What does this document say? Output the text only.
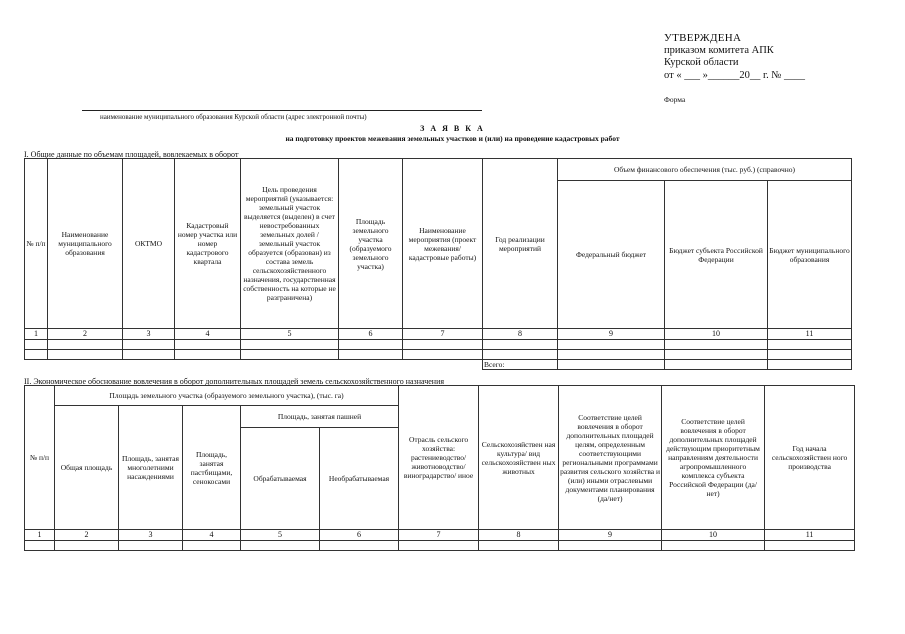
УТВЕРЖДЕНА
приказом комитета АПК
Курской области
от « ___ »______20__ г. № ____
Форма
наименование муниципального образования Курской области (адрес электронной почты)
З А Я В К А
на подготовку проектов межевания земельных участков и (или) на проведение кадастровых работ
I. Общие данные по объемам площадей, вовлекаемых в оборот
№ п/п	Наименование муниципального образования	ОКТМО	Кадастровый номер участка или номер кадастрового квартала	Цель проведения мероприятий (указывается: земельный участок выделяется (выделен) в счет невостребованных земельных долей / земельный участок образуется (образован) из состава земель сельскохозяйственного назначения, государственная собственность на которые не разграничена)	Площадь земельного участка (образуемого земельного участка)	Наименование мероприятия (проект межевания/ кадастровые работы)	Год реализации мероприятий	Объем финансового обеспечения (тыс. руб.) (справочно)		
								Федеральный бюджет	Бюджет субъекта Российской Федерации	Бюджет муниципального образования
1	2	3	4	5	6	7	8	9	10	11

							Всего:			
II. Экономическое обоснование вовлечения в оборот дополнительных площадей земель сельскохозяйственного назначения
№ п/п	Площадь земельного участка (образуемого земельного участка), (тыс. га)					Отрасль сельского хозяйства: растениеводство/ животноводство/ виноградарство/ иное	Сельскохозяйствен ная культура/ вид сельскохозяйствен ных животных	Соответствие целей вовлечения в оборот дополнительных площадей целям, определенным соответствующими региональными программами развития сельского хозяйства и (или) иными отраслевыми документами планирования (да/нет)	Соответствие целей вовлечения в оборот дополнительных площадей действующим приоритетным направлениям деятельности агропромышленного комплекса субъекта Российской Федерации (да/нет)	Год начала сельскохозяйствен ного производства
	Общая площадь	Площадь, занятая многолетними насаждениями	Площадь, занятая пастбищами, сенокосами	Площадь, занятая пашней						
				Обрабатываемая	Необрабатываемая					
1	2	3	4	5	6	7	8	9	10	11
